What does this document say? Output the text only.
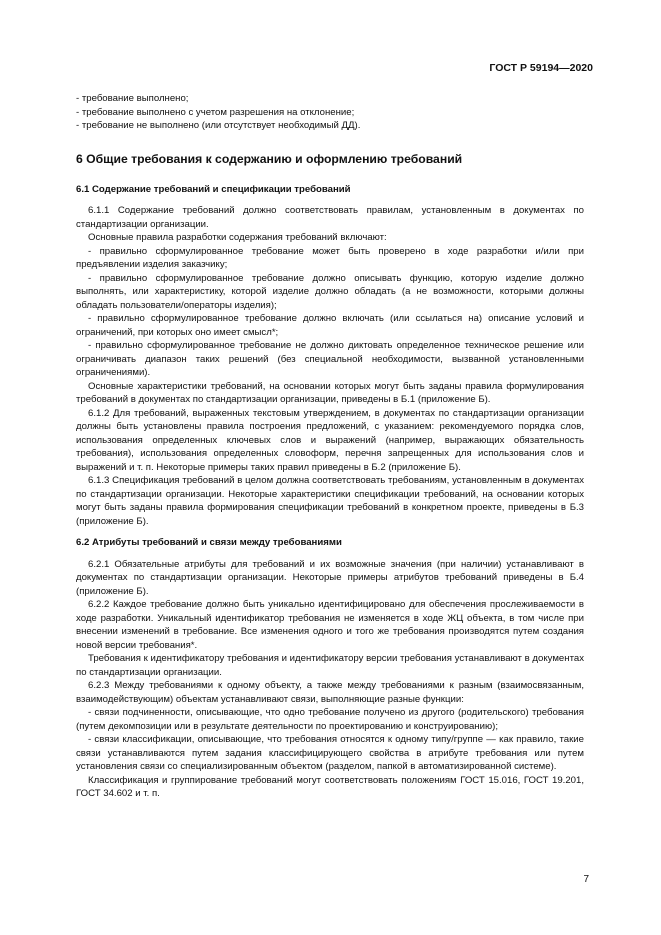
ГОСТ Р 59194—2020

- требование выполнено;

- требование выполнено с учетом разрешения на отклонение;

- требование не выполнено (или отсутствует необходимый ДД).

6 Общие требования к содержанию и оформлению требований

6.1 Содержание требований и спецификации требований

6.1.1 Содержание требований должно соответствовать правилам, установленным в документах по стандартизации организации.

Основные правила разработки содержания требований включают:

- правильно сформулированное требование может быть проверено в ходе разработки и/или при предъявлении изделия заказчику;

- правильно сформулированное требование должно описывать функцию, которую изделие должно выполнять, или характеристику, которой изделие должно обладать (а не возможности, которыми должны обладать пользователи/операторы изделия);

- правильно сформулированное требование должно включать (или ссылаться на) описание условий и ограничений, при которых оно имеет смысл*;

- правильно сформулированное требование не должно диктовать определенное техническое решение или ограничивать диапазон таких решений (без специальной необходимости, вызванной установленными ограничениями).

Основные характеристики требований, на основании которых могут быть заданы правила формулирования требований в документах по стандартизации организации, приведены в Б.1 (приложение Б).

6.1.2 Для требований, выраженных текстовым утверждением, в документах по стандартизации организации должны быть установлены правила построения предложений, с указанием: рекомендуемого порядка слов, использования определенных ключевых слов и выражений (например, выражающих обязательность требования), использования определенных словоформ, перечня запрещенных для использования слов и выражений и т. п. Некоторые примеры таких правил приведены в Б.2 (приложение Б).

6.1.3 Спецификация требований в целом должна соответствовать требованиям, установленным в документах по стандартизации организации. Некоторые характеристики спецификации требований, на основании которых могут быть заданы правила формирования спецификации требований в конкретном проекте, приведены в Б.3 (приложение Б).

6.2 Атрибуты требований и связи между требованиями

6.2.1 Обязательные атрибуты для требований и их возможные значения (при наличии) устанавливают в документах по стандартизации организации. Некоторые примеры атрибутов требований приведены в Б.4 (приложение Б).

6.2.2 Каждое требование должно быть уникально идентифицировано для обеспечения прослеживаемости в ходе разработки. Уникальный идентификатор требования не изменяется в ходе ЖЦ объекта, в том числе при внесении изменений в требование. Все изменения одного и того же требования производятся путем создания новой версии требования*.

Требования к идентификатору требования и идентификатору версии требования устанавливают в документах по стандартизации организации.

6.2.3 Между требованиями к одному объекту, а также между требованиями к разным (взаимосвязанным, взаимодействующим) объектам устанавливают связи, выполняющие разные функции:

- связи подчиненности, описывающие, что одно требование получено из другого (родительского) требования (путем декомпозиции или в результате деятельности по проектированию и конструированию);

- связи классификации, описывающие, что требования относятся к одному типу/группе — как правило, такие связи устанавливаются путем задания классифицирующего свойства в атрибуте требования или путем установления связи со специализированным объектом (разделом, папкой в автоматизированной системе).

Классификация и группирование требований могут соответствовать положениям ГОСТ 15.016, ГОСТ 19.201, ГОСТ 34.602 и т. п.

7
